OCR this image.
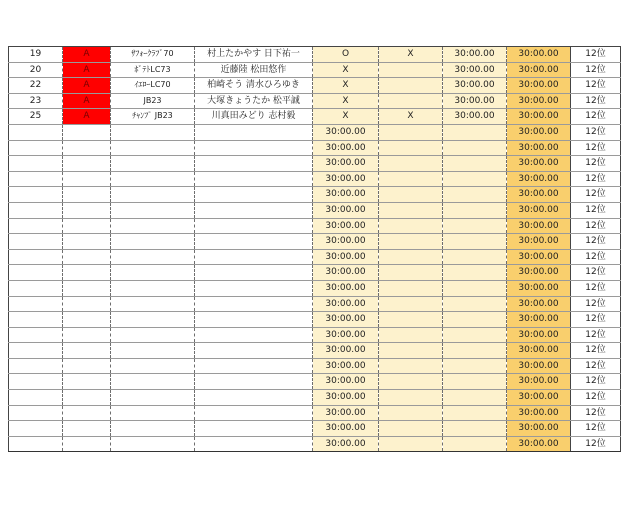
19	A	ｻﾌｫｰｸﾗﾌﾞ70	村上たかやす 日下祐一	O	X	30:00.00	30:00.00	12位
20	A	ﾎﾞﾃﾄLC73	近藤陸 松田悠作	X		30:00.00	30:00.00	12位
22	A	ｲｴﾛｰLC70	柏崎そう 清水ひろゆき	X		30:00.00	30:00.00	12位
23	A	JB23	大塚きょうたか 松平誠	X		30:00.00	30:00.00	12位
25	A	ﾁｬﾝﾌﾟ JB23	川真田みどり 志村毅	X	X	30:00.00	30:00.00	12位
				30:00.00			30:00.00	12位
				30:00.00			30:00.00	12位
				30:00.00			30:00.00	12位
				30:00.00			30:00.00	12位
				30:00.00			30:00.00	12位
				30:00.00			30:00.00	12位
				30:00.00			30:00.00	12位
				30:00.00			30:00.00	12位
				30:00.00			30:00.00	12位
				30:00.00			30:00.00	12位
				30:00.00			30:00.00	12位
				30:00.00			30:00.00	12位
				30:00.00			30:00.00	12位
				30:00.00			30:00.00	12位
				30:00.00			30:00.00	12位
				30:00.00			30:00.00	12位
				30:00.00			30:00.00	12位
				30:00.00			30:00.00	12位
				30:00.00			30:00.00	12位
				30:00.00			30:00.00	12位
				30:00.00			30:00.00	12位
